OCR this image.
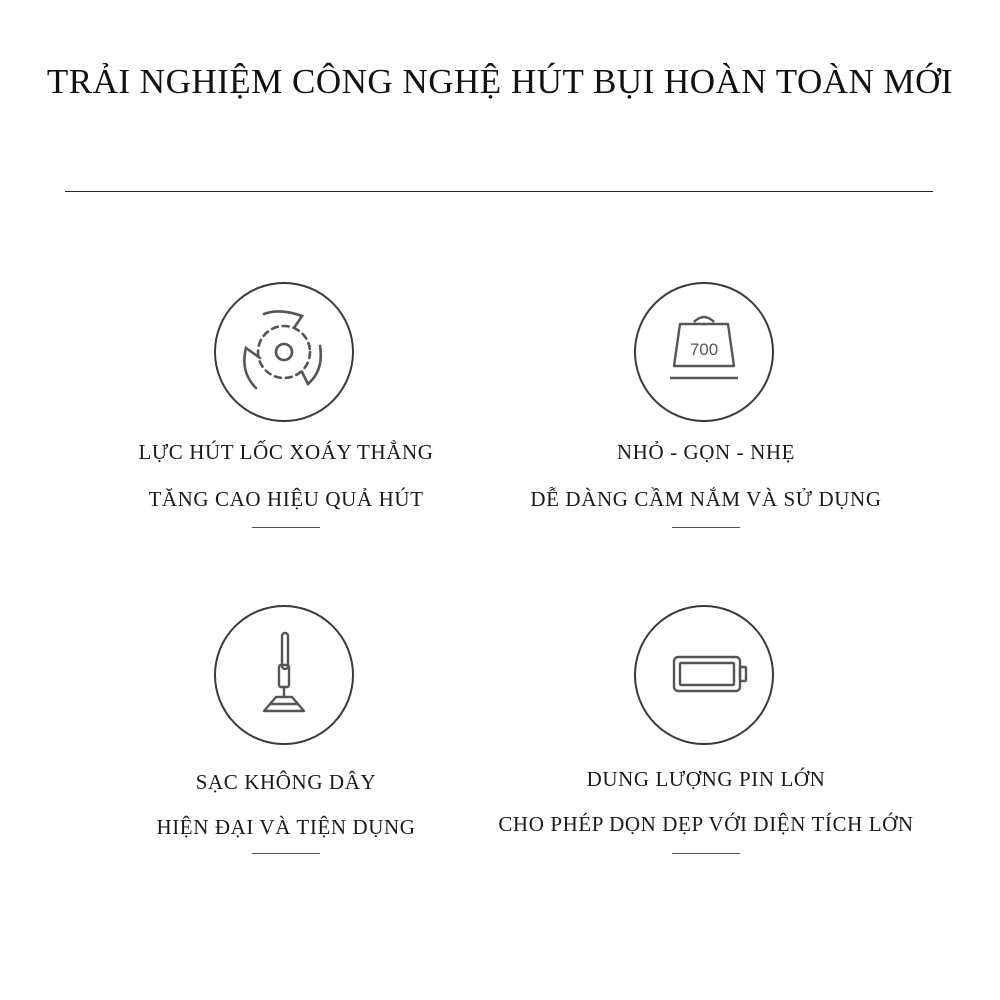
TRẢI NGHIỆM CÔNG NGHỆ HÚT BỤI HOÀN TOÀN MỚI
LỰC HÚT LỐC XOÁY THẲNG
TĂNG CAO HIỆU QUẢ HÚT
700
NHỎ - GỌN - NHẸ
DỄ DÀNG CẦM NẮM VÀ SỬ DỤNG
SẠC KHÔNG DÂY
HIỆN ĐẠI VÀ TIỆN DỤNG
DUNG LƯỢNG PIN LỚN
CHO PHÉP DỌN DẸP VỚI DIỆN TÍCH LỚN
